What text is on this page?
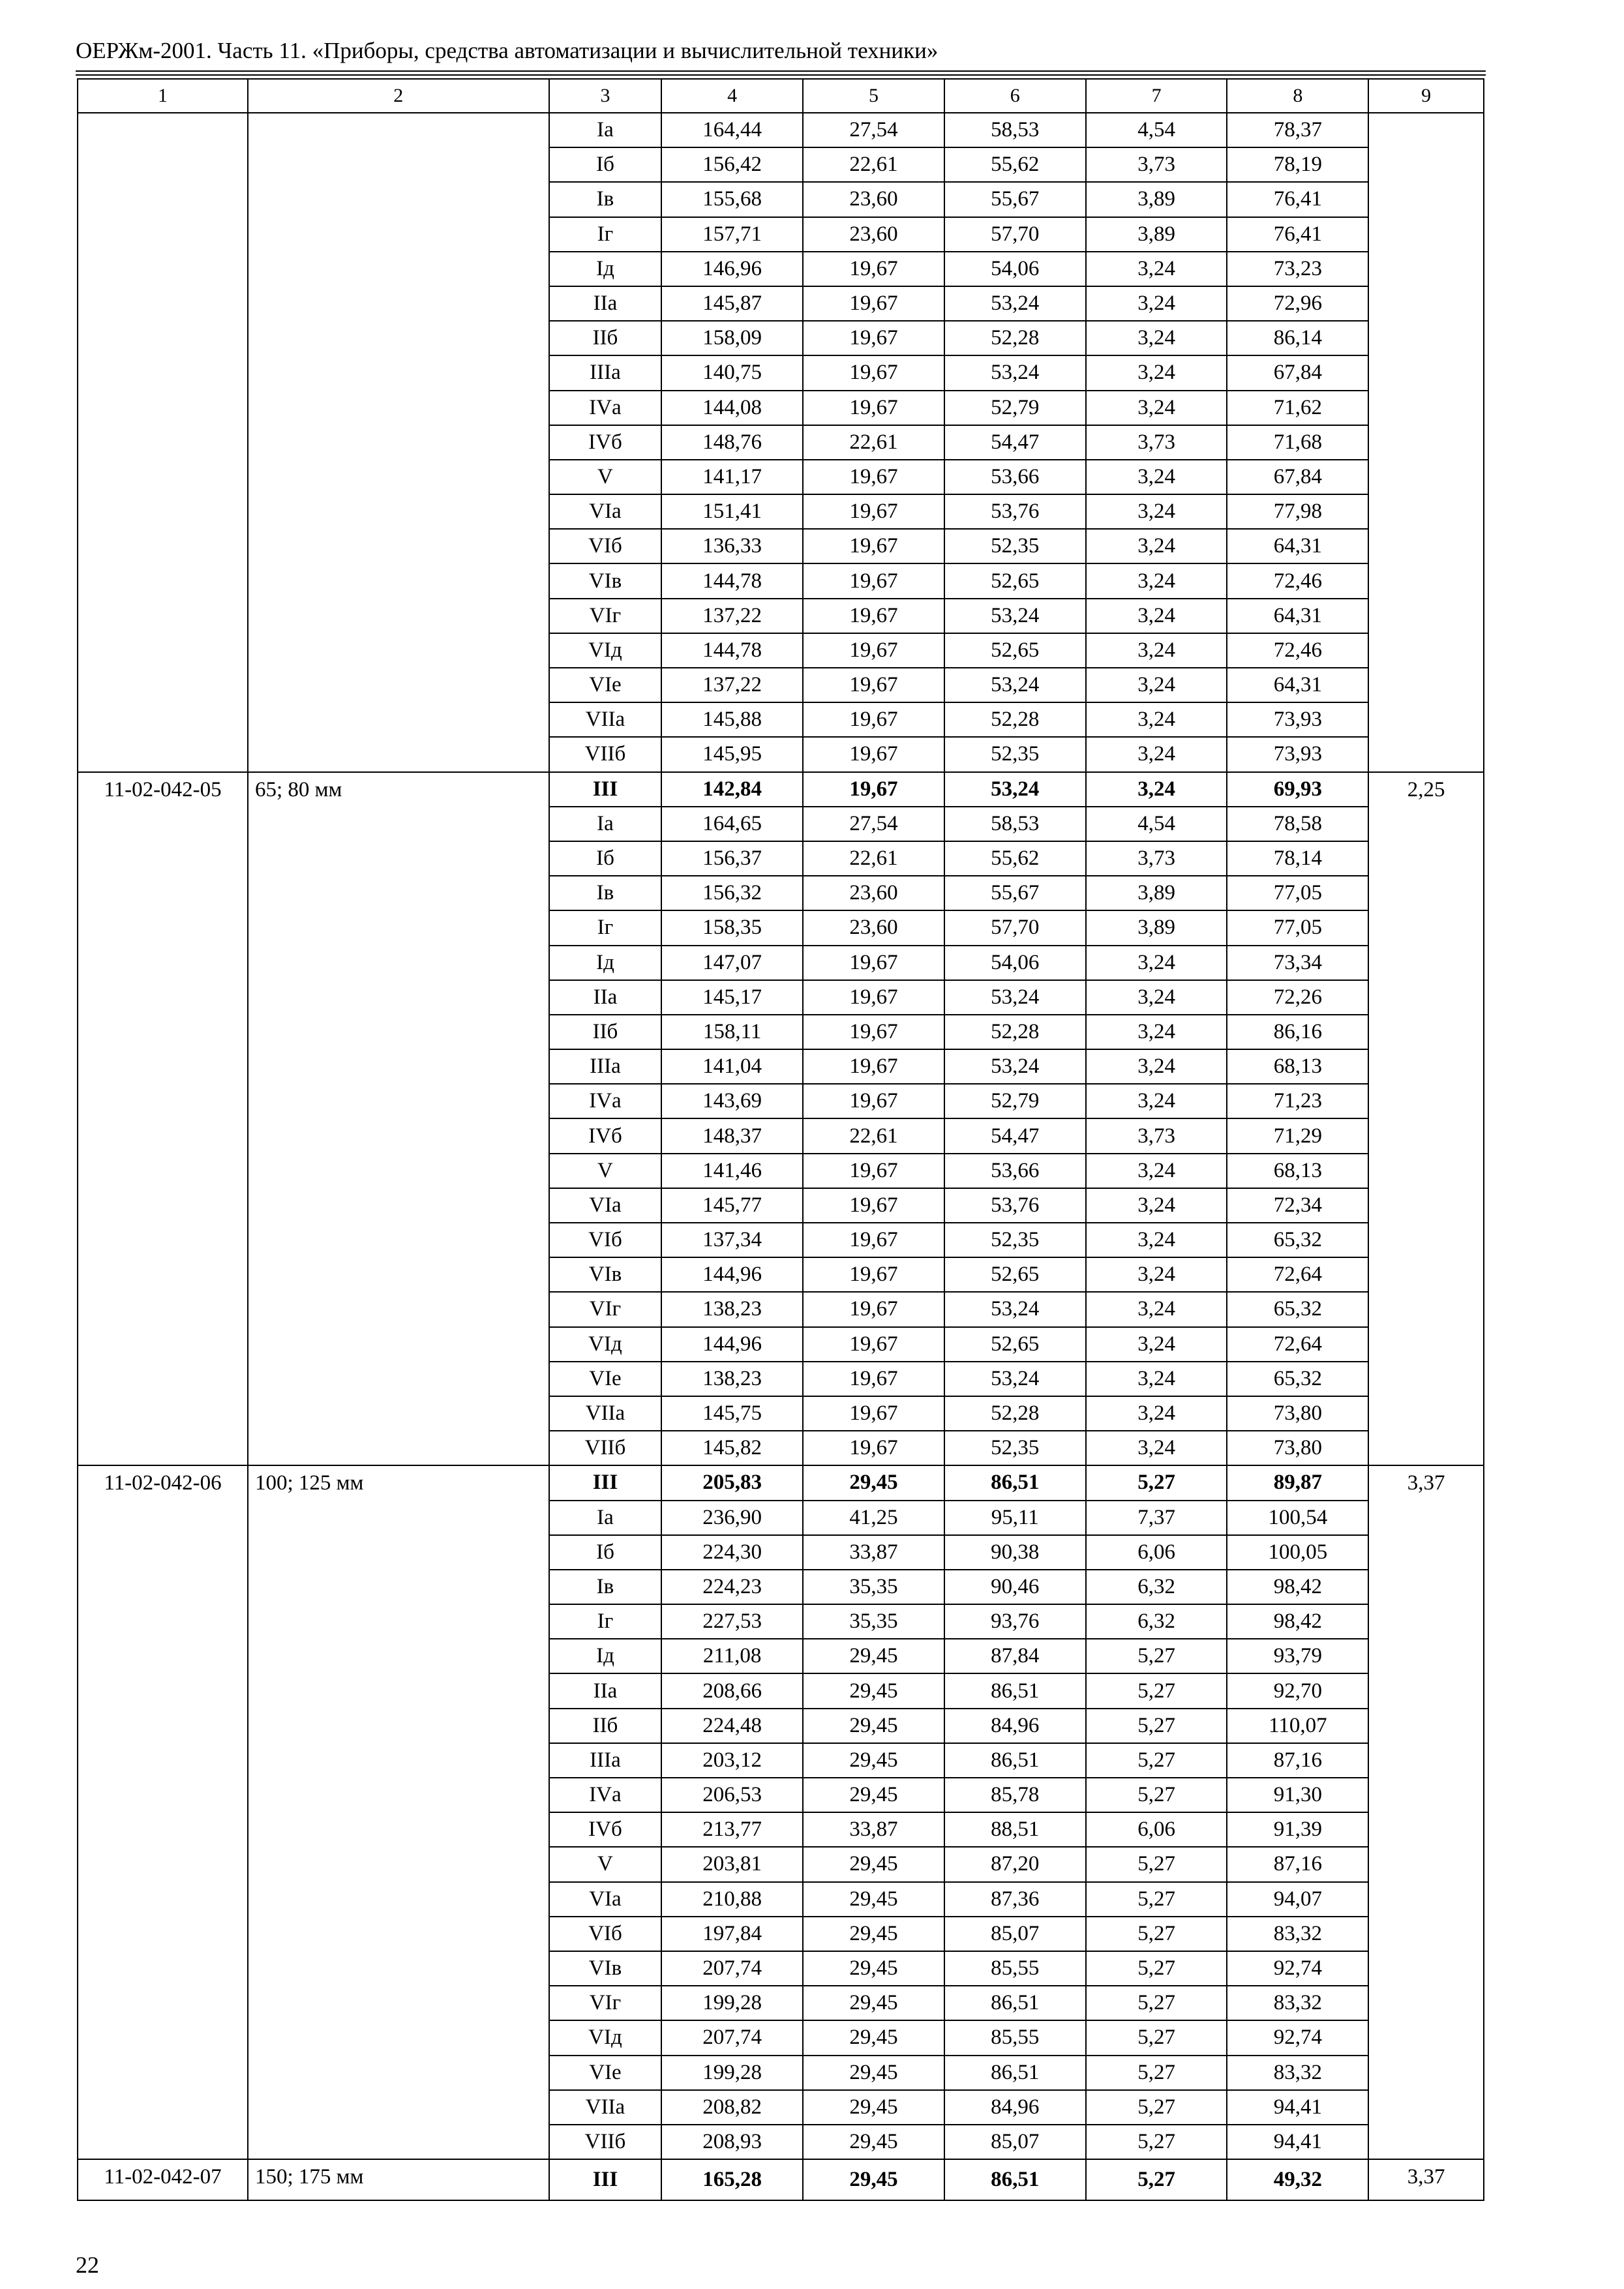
ОЕРЖм-2001. Часть 11. «Приборы, средства автоматизации и вычислительной техники»
1	2	3	4	5	6	7	8	9
		Iа	164,44	27,54	58,53	4,54	78,37	
		Iб	156,42	22,61	55,62	3,73	78,19	
		Iв	155,68	23,60	55,67	3,89	76,41	
		Iг	157,71	23,60	57,70	3,89	76,41	
		Iд	146,96	19,67	54,06	3,24	73,23	
		IIа	145,87	19,67	53,24	3,24	72,96	
		IIб	158,09	19,67	52,28	3,24	86,14	
		IIIа	140,75	19,67	53,24	3,24	67,84	
		IVа	144,08	19,67	52,79	3,24	71,62	
		IVб	148,76	22,61	54,47	3,73	71,68	
		V	141,17	19,67	53,66	3,24	67,84	
		VIа	151,41	19,67	53,76	3,24	77,98	
		VIб	136,33	19,67	52,35	3,24	64,31	
		VIв	144,78	19,67	52,65	3,24	72,46	
		VIг	137,22	19,67	53,24	3,24	64,31	
		VIд	144,78	19,67	52,65	3,24	72,46	
		VIе	137,22	19,67	53,24	3,24	64,31	
		VIIа	145,88	19,67	52,28	3,24	73,93	
		VIIб	145,95	19,67	52,35	3,24	73,93	
11-02-042-05	65; 80 мм	III	142,84	19,67	53,24	3,24	69,93	2,25
		Iа	164,65	27,54	58,53	4,54	78,58	
		Iб	156,37	22,61	55,62	3,73	78,14	
		Iв	156,32	23,60	55,67	3,89	77,05	
		Iг	158,35	23,60	57,70	3,89	77,05	
		Iд	147,07	19,67	54,06	3,24	73,34	
		IIа	145,17	19,67	53,24	3,24	72,26	
		IIб	158,11	19,67	52,28	3,24	86,16	
		IIIа	141,04	19,67	53,24	3,24	68,13	
		IVа	143,69	19,67	52,79	3,24	71,23	
		IVб	148,37	22,61	54,47	3,73	71,29	
		V	141,46	19,67	53,66	3,24	68,13	
		VIа	145,77	19,67	53,76	3,24	72,34	
		VIб	137,34	19,67	52,35	3,24	65,32	
		VIв	144,96	19,67	52,65	3,24	72,64	
		VIг	138,23	19,67	53,24	3,24	65,32	
		VIд	144,96	19,67	52,65	3,24	72,64	
		VIе	138,23	19,67	53,24	3,24	65,32	
		VIIа	145,75	19,67	52,28	3,24	73,80	
		VIIб	145,82	19,67	52,35	3,24	73,80	
11-02-042-06	100; 125 мм	III	205,83	29,45	86,51	5,27	89,87	3,37
		Iа	236,90	41,25	95,11	7,37	100,54	
		Iб	224,30	33,87	90,38	6,06	100,05	
		Iв	224,23	35,35	90,46	6,32	98,42	
		Iг	227,53	35,35	93,76	6,32	98,42	
		Iд	211,08	29,45	87,84	5,27	93,79	
		IIа	208,66	29,45	86,51	5,27	92,70	
		IIб	224,48	29,45	84,96	5,27	110,07	
		IIIа	203,12	29,45	86,51	5,27	87,16	
		IVа	206,53	29,45	85,78	5,27	91,30	
		IVб	213,77	33,87	88,51	6,06	91,39	
		V	203,81	29,45	87,20	5,27	87,16	
		VIа	210,88	29,45	87,36	5,27	94,07	
		VIб	197,84	29,45	85,07	5,27	83,32	
		VIв	207,74	29,45	85,55	5,27	92,74	
		VIг	199,28	29,45	86,51	5,27	83,32	
		VIд	207,74	29,45	85,55	5,27	92,74	
		VIе	199,28	29,45	86,51	5,27	83,32	
		VIIа	208,82	29,45	84,96	5,27	94,41	
		VIIб	208,93	29,45	85,07	5,27	94,41	
11-02-042-07	150; 175 мм	III	165,28	29,45	86,51	5,27	49,32	3,37
22
